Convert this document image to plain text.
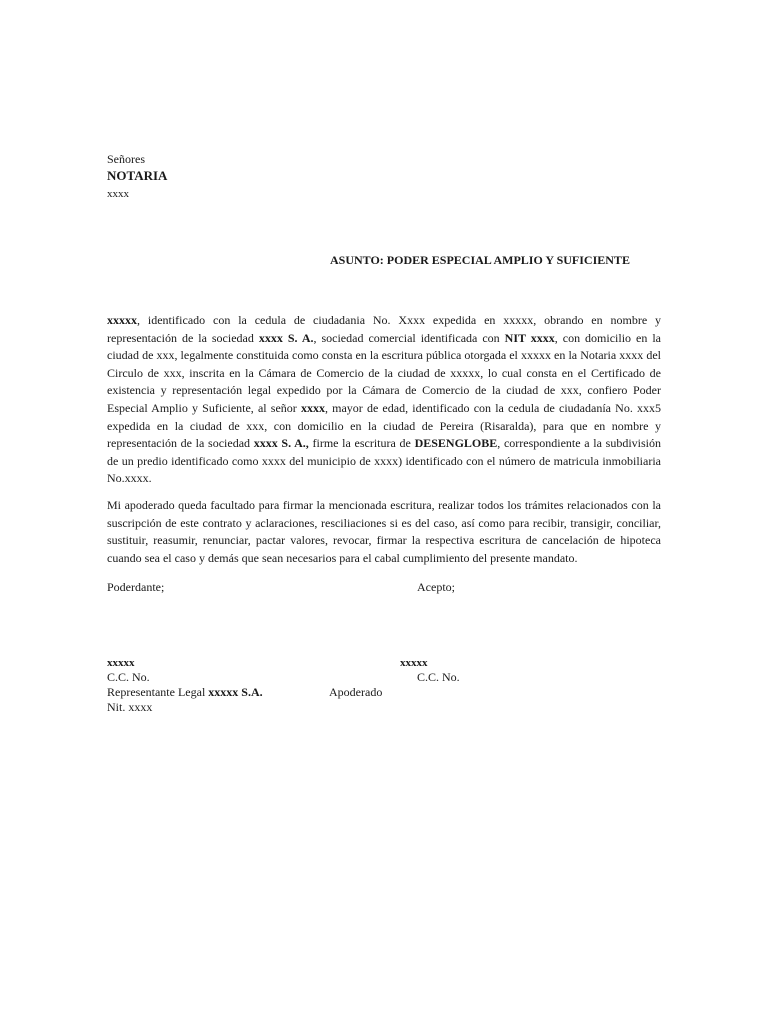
Señores
NOTARIA
xxxx
ASUNTO: PODER ESPECIAL AMPLIO Y SUFICIENTE
xxxxx, identificado con la cedula de ciudadania No. Xxxx expedida en xxxxx, obrando en nombre y representación de la sociedad xxxx S. A., sociedad comercial identificada con NIT xxxx, con domicilio en la ciudad de xxx, legalmente constituida como consta en la escritura pública otorgada el xxxxx en la Notaria xxxx del Circulo de xxx, inscrita en la Cámara de Comercio de la ciudad de xxxxx, lo cual consta en el Certificado de existencia y representación legal expedido por la Cámara de Comercio de la ciudad de xxx, confiero Poder Especial Amplio y Suficiente, al señor xxxx, mayor de edad, identificado con la cedula de ciudadanía No. xxx5 expedida en la ciudad de xxx, con domicilio en la ciudad de Pereira (Risaralda), para que en nombre y representación de la sociedad xxxx S. A., firme la escritura de DESENGLOBE, correspondiente a la subdivisión de un predio identificado como xxxx del municipio de xxxx) identificado con el número de matricula inmobiliaria No.xxxx.
Mi apoderado queda facultado para firmar la mencionada escritura, realizar todos los trámites relacionados con la suscripción de este contrato y aclaraciones, resciliaciones si es del caso, así como para recibir, transigir, conciliar, sustituir, reasumir, renunciar, pactar valores, revocar, firmar la respectiva escritura de cancelación de hipoteca cuando sea el caso y demás que sean necesarios para el cabal cumplimiento del presente mandato.
Poderdante;	Acepto;
xxxxx	xxxxx
C.C. No.	C.C. No.
Representante Legal xxxxx S.A.	Apoderado
Nit. xxxx
